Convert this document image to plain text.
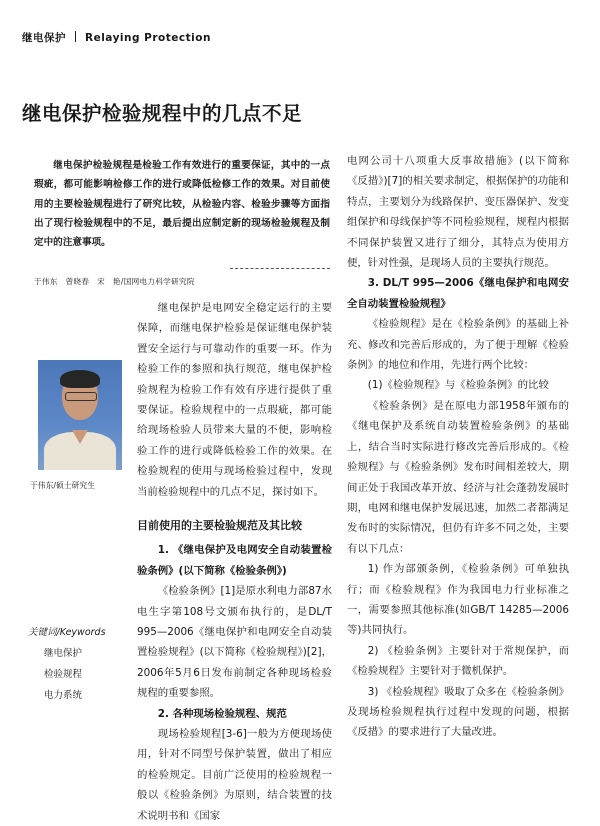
继电保护 Relaying Protection
继电保护检验规程中的几点不足

继电保护检验规程是检验工作有效进行的重要保证，其中的一点瑕疵，都可能影响检修工作的进行或降低检修工作的效果。对目前使用的主要检验规程进行了研究比较，从检验内容、检验步骤等方面指出了现行检验规程中的不足，最后提出应制定新的现场检验规程及制定中的注意事项。

于伟东　曾晓春　宋　艳/国网电力科学研究院
于伟东/硕士研究生

继电保护是电网安全稳定运行的主要保障，而继电保护检验是保证继电保护装置安全运行与可靠动作的重要一环。作为检验工作的参照和执行规范，继电保护检验规程为检验工作有效有序进行提供了重要保证。检验规程中的一点瑕疵，都可能给现场检验人员带来大量的不便，影响检验工作的进行或降低检验工作的效果。在检验规程的使用与现场检验过程中，发现当前检验规程中的几点不足，探讨如下。

目前使用的主要检验规范及其比较

1. 《继电保护及电网安全自动装置检验条例》(以下简称《检验条例》)

《检验条例》[1]是原水利电力部87水电生字第108号文颁布执行的，是DL/T 995—2006《继电保护和电网安全自动装置检验规程》(以下简称《检验规程》)[2]，2006年5月6日发布前制定各种现场检验规程的重要参照。

2. 各种现场检验规程、规范

现场检验规程[3-6]一般为方便现场使用，针对不同型号保护装置，做出了相应的检验规定。目前广泛使用的检验规程一般以《检验条例》为原则，结合装置的技术说明书和《国家

关键词/Keywords
继电保护
检验规程
电力系统

电网公司十八项重大反事故措施》(以下简称《反措》)[7]的相关要求制定，根据保护的功能和特点，主要划分为线路保护、变压器保护、发变组保护和母线保护等不同检验规程，规程内根据不同保护装置又进行了细分，其特点为使用方便，针对性强，是现场人员的主要执行规范。

3. DL/T 995—2006《继电保护和电网安全自动装置检验规程》

《检验规程》是在《检验条例》的基础上补充、修改和完善后形成的，为了便于理解《检验条例》的地位和作用，先进行两个比较：

(1)《检验规程》与《检验条例》的比较

《检验条例》是在原电力部1958年颁布的《继电保护及系统自动装置检验条例》的基础上，结合当时实际进行修改完善后形成的。《检验规程》与《检验条例》发布时间相差较大，期间正处于我国改革开放、经济与社会蓬勃发展时期，电网和继电保护发展迅速，加然二者都满足发布时的实际情况，但仍有许多不同之处，主要有以下几点：

1) 作为部颁条例，《检验条例》可单独执行；而《检验规程》作为我国电力行业标准之一，需要参照其他标准(如GB/T 14285—2006等)共同执行。

2) 《检验条例》主要针对于常规保护，而《检验规程》主要针对于微机保护。

3) 《检验规程》吸取了众多在《检验条例》及现场检验规程执行过程中发现的问题，根据《反措》的要求进行了大量改进。
